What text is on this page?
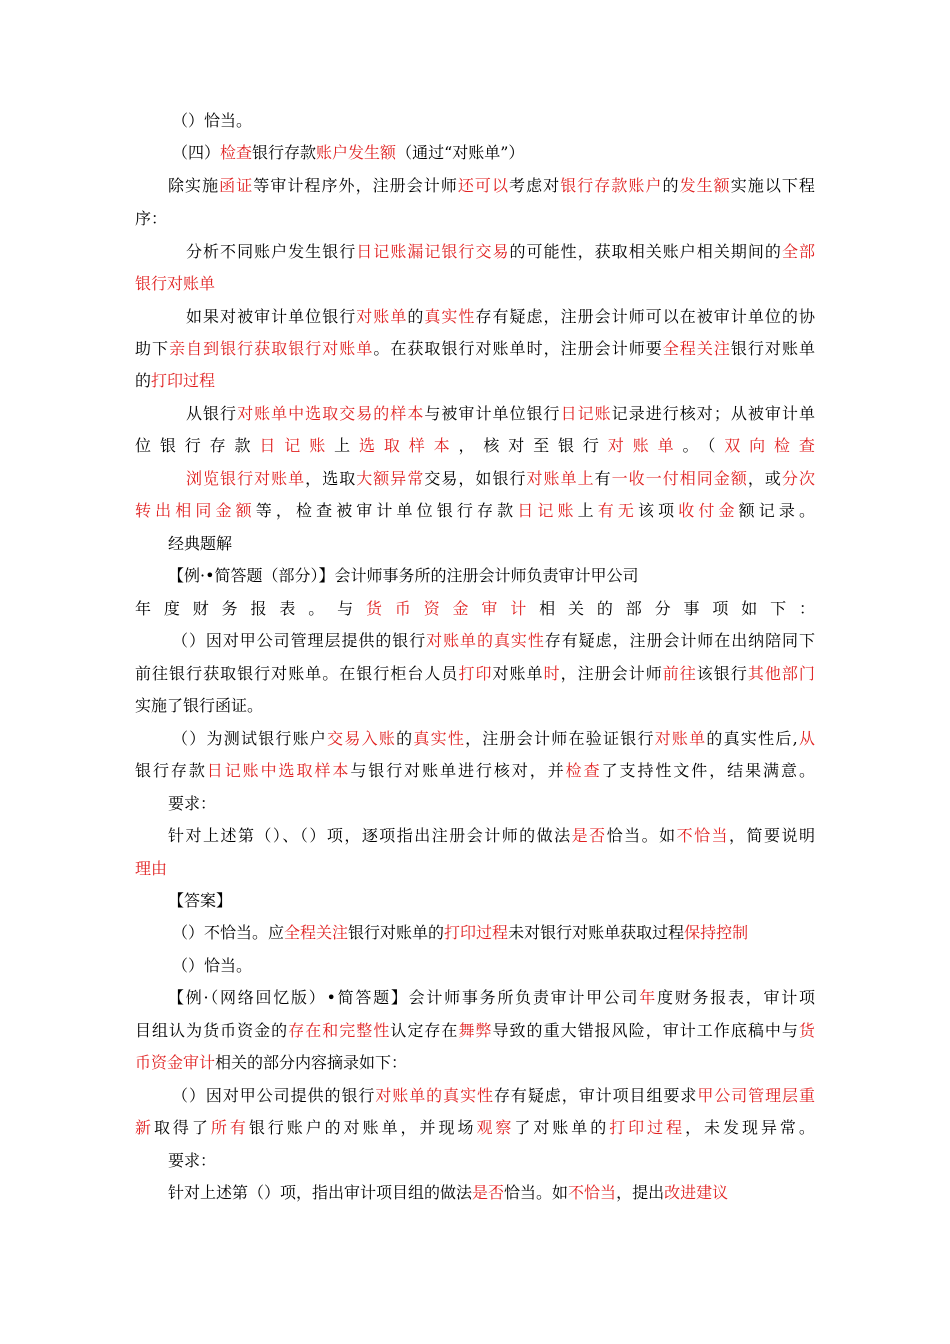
（）恰当。
（四）检查银行存款账户发生额（通过“对账单”）
除实施函证等审计程序外，注册会计师还可以考虑对银行存款账户的发生额实施以下程
序：
分析不同账户发生银行日记账漏记银行交易的可能性，获取相关账户相关期间的全部
银行对账单
如果对被审计单位银行对账单的真实性存有疑虑，注册会计师可以在被审计单位的协
助下亲自到银行获取银行对账单。在获取银行对账单时，注册会计师要全程关注银行对账单
的打印过程
从银行对账单中选取交易的样本与被审计单位银行日记账记录进行核对；从被审计单
位银行存款日记账上选取样本，核对至银行对账单。（双向检查
浏览银行对账单，选取大额异常交易，如银行对账单上有一收一付相同金额，或分次
转出相同金额等，检查被审计单位银行存款日记账上有无该项收付金额记录。
经典题解
【例·•简答题（部分）】会计师事务所的注册会计师负责审计甲公司
年度财务报表。与货币资金审计相关的部分事项如下：
（）因对甲公司管理层提供的银行对账单的真实性存有疑虑，注册会计师在出纳陪同下
前往银行获取银行对账单。在银行柜台人员打印对账单时，注册会计师前往该银行其他部门
实施了银行函证。
（）为测试银行账户交易入账的真实性，注册会计师在验证银行对账单的真实性后,从
银行存款日记账中选取样本与银行对账单进行核对，并检查了支持性文件，结果满意。
要求：
针对上述第（）、（）项，逐项指出注册会计师的做法是否恰当。如不恰当，简要说明
理由
【答案】
（）不恰当。应全程关注银行对账单的打印过程未对银行对账单获取过程保持控制
（）恰当。
【例·（网络回忆版）•简答题】会计师事务所负责审计甲公司年度财务报表，审计项
目组认为货币资金的存在和完整性认定存在舞弊导致的重大错报风险，审计工作底稿中与货
币资金审计相关的部分内容摘录如下：
（）因对甲公司提供的银行对账单的真实性存有疑虑，审计项目组要求甲公司管理层重
新取得了所有银行账户的对账单，并现场观察了对账单的打印过程，未发现异常。
要求：
针对上述第（）项，指出审计项目组的做法是否恰当。如不恰当，提出改进建议
